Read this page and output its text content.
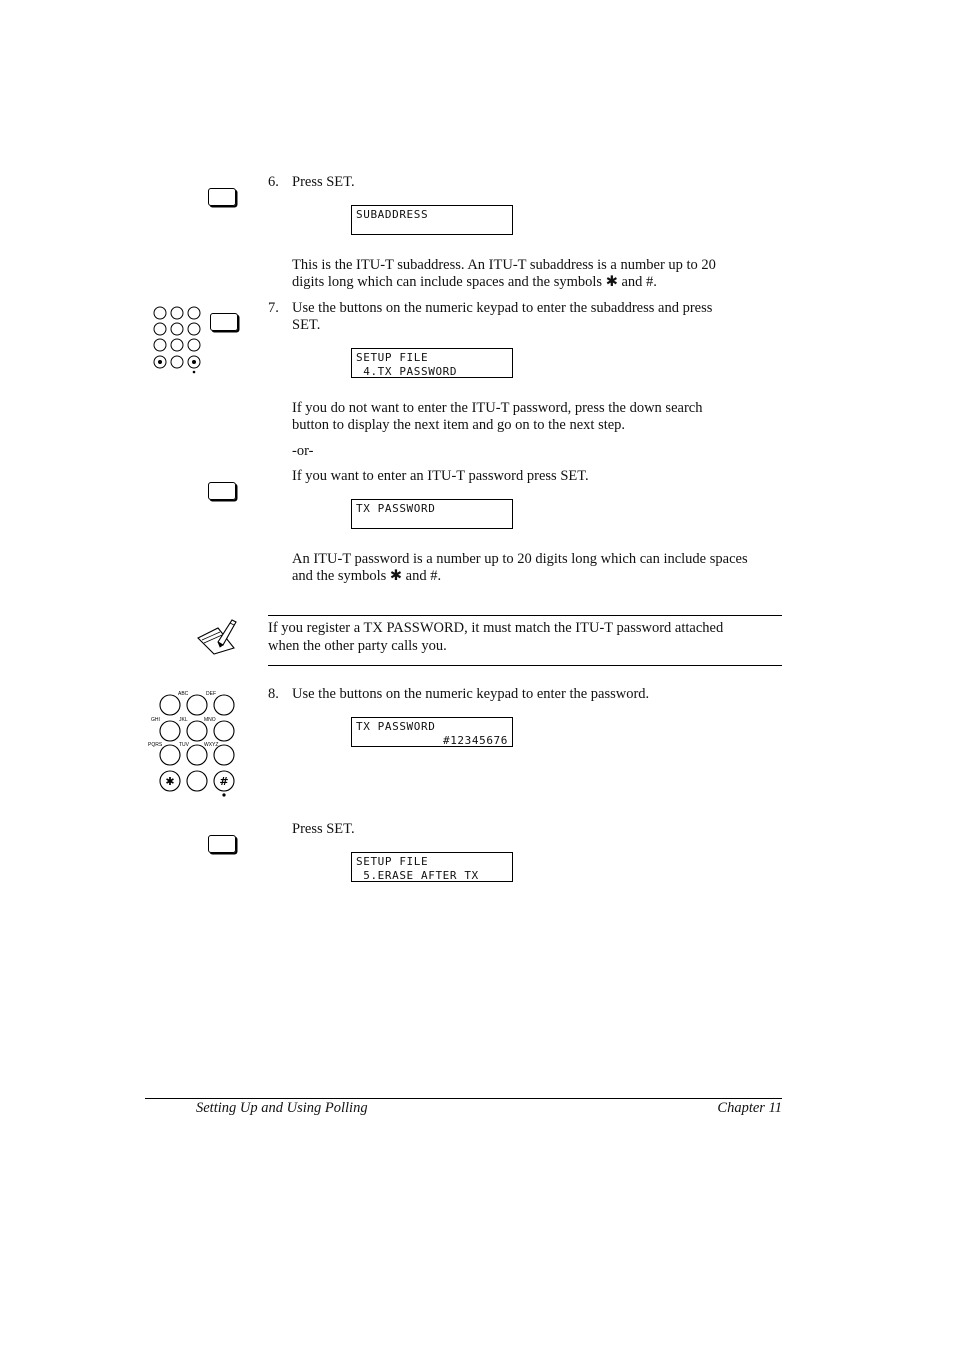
6. Press SET.
SUBADDRESS
This is the ITU-T subaddress. An ITU-T subaddress is a number up to 20
digits long which can include spaces and the symbols ✱ and #.
7. Use the buttons on the numeric keypad to enter the subaddress and press
SET.
SETUP FILE
4.TX PASSWORD
If you do not want to enter the ITU-T password, press the down search
button to display the next item and go on to the next step.
-or-
If you want to enter an ITU-T password press SET.
TX PASSWORD
An ITU-T password is a number up to 20 digits long which can include spaces
and the symbols ✱ and #.
If you register a TX PASSWORD, it must match the ITU-T password attached
when the other party calls you.
ABC	DEF
GHI	JKL	MNO
PQRS	TUV	WXYZ
✱	#
8. Use the buttons on the numeric keypad to enter the password.
TX PASSWORD
#12345676
Press SET.
SETUP FILE
5.ERASE AFTER TX
Setting Up and Using Polling	Chapter 11
